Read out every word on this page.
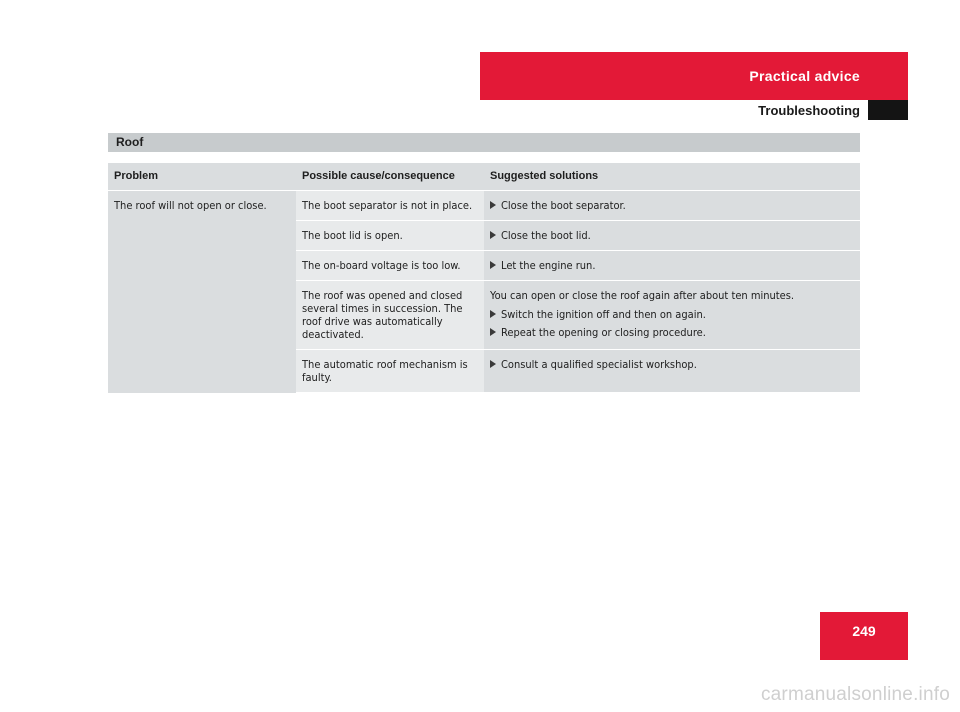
Practical advice
Troubleshooting
Roof
Problem	Possible cause/consequence	Suggested solutions
The roof will not open or close.	The boot separator is not in place.	Close the boot separator.

	The boot lid is open.	Close the boot lid.

	The on-board voltage is too low.	Let the engine run.

	The roof was opened and closed several times in succession. The roof drive was automatically deactivated.	You can open or close the roof again after about ten minutes.
Switch the ignition off and then on again.
Repeat the opening or closing procedure.

	The automatic roof mechanism is faulty.	Consult a qualified specialist workshop.
249
carmanualsonline.info
